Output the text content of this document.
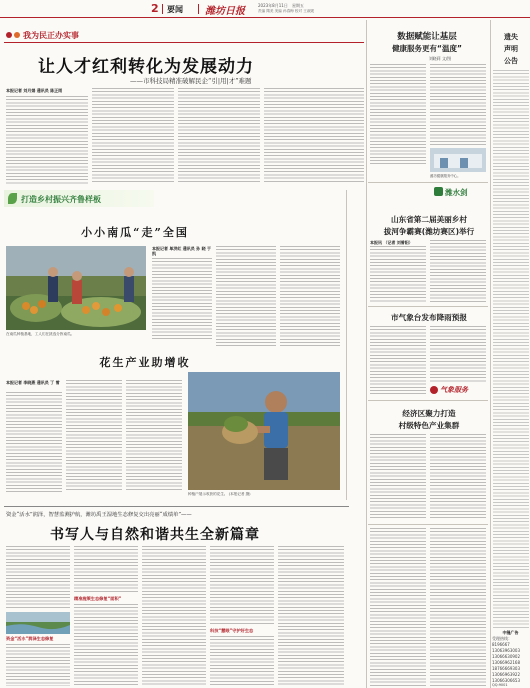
2 要闻 潍坊日报
2023年8月11日 星期五
责编 隋美 美编 孙春梅 校对 王淑媛
我为民正办实事
让人才红利转化为发展动力
——市科技局精准破解民企“引|用|才”难题
本报记者 刘月娟 通讯员 陈正雨
打造乡村振兴齐鲁样板
小小南瓜“走”全国
在南瓜种植基地，工人们在挑选分拣南瓜。
本报记者 单洪红 通讯员 孙 晓 于 凯
花生产业助增收
本报记者 李晓燕 通讯员 丁 雪
种植户展示收获的花生。 (本报记者 摄)
资金“活水”润泽，智慧监测护航，潍坊禹王湿地生态修复交出亮丽“成绩单”——
书写人与自然和谐共生全新篇章
资金“活水”润泽生态修复
精准施策生态修复“面积”
科技“慧眼”守护好生态
数据赋能让基层
健康服务更有“温度”
刘晓莉 文/图
潍坊健康服务中心。
潍水剑
山东省第二届美丽乡村
拔河争霸赛(潍坊赛区)举行
本报讯 （记者 刘曾阳）
市气象台发布降雨预报
气象服务
经济区聚力打造
村级特色产业集群
遗失
声明
公告
中缝广告
受理热线：
8196667
13063963003
13066630902
13066962168
18766669303
13066963922
13066306653
QQ:9001
